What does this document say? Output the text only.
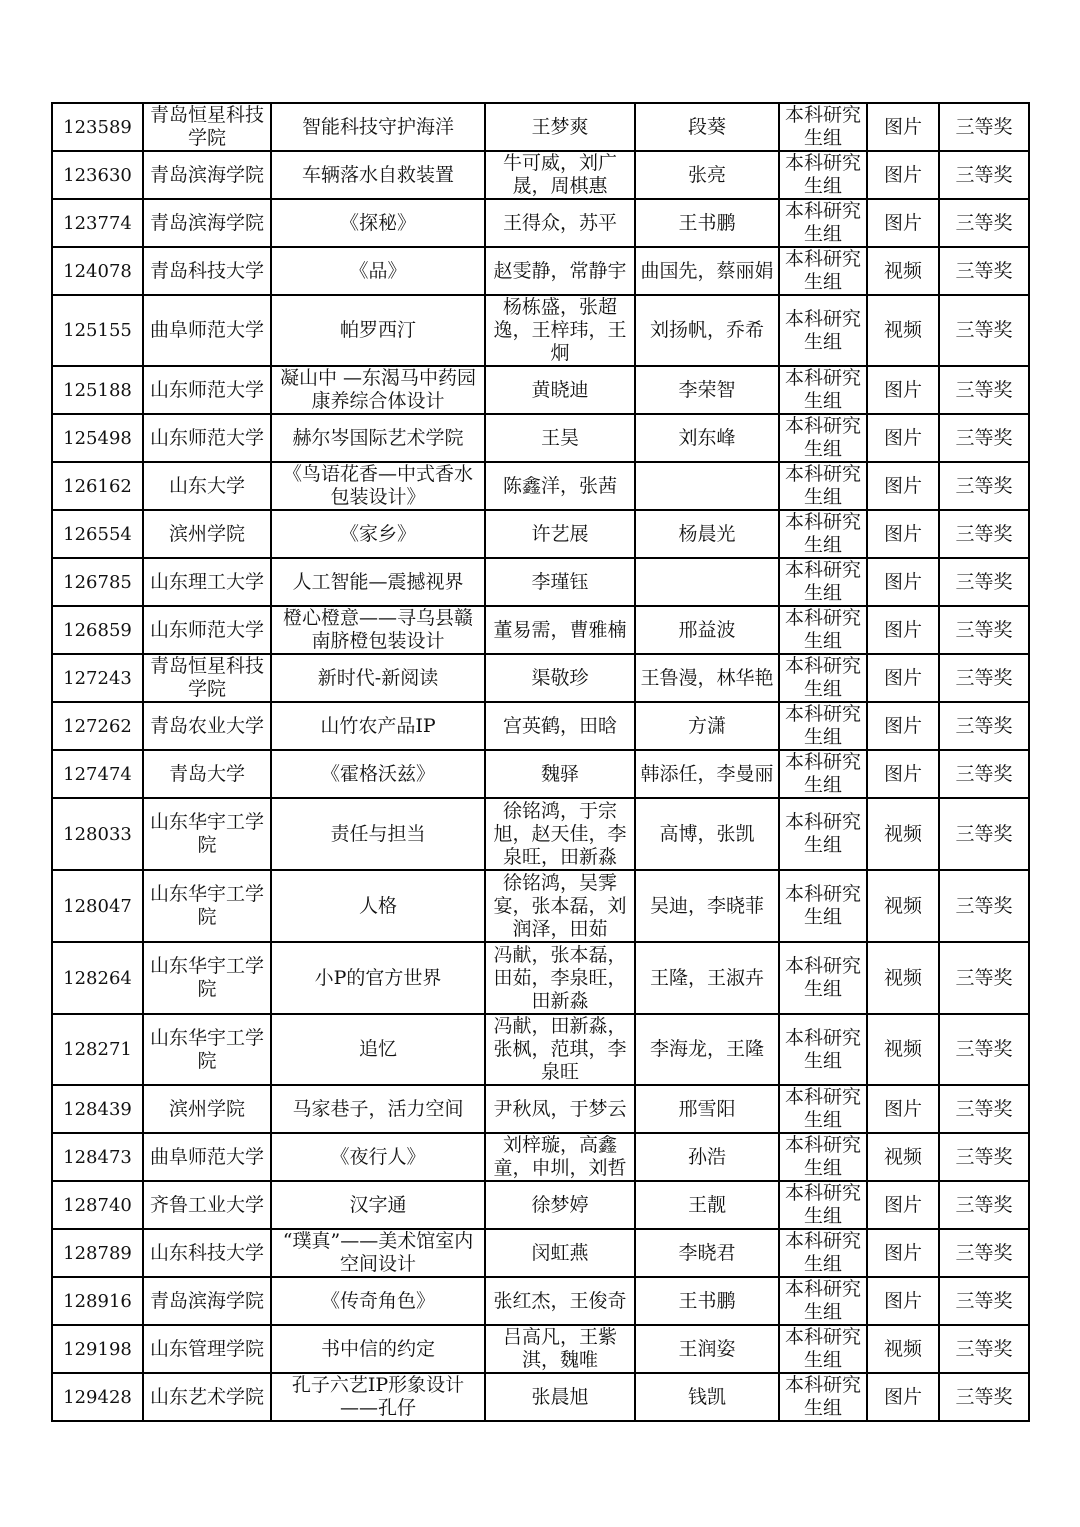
123589	青岛恒星科技学院	智能科技守护海洋	王梦爽	段葵	本科研究生组	图片	三等奖
123630	青岛滨海学院	车辆落水自救装置	牛可威，刘广晟，周棋惠	张亮	本科研究生组	图片	三等奖
123774	青岛滨海学院	《探秘》	王得众，苏平	王书鹏	本科研究生组	图片	三等奖
124078	青岛科技大学	《品》	赵雯静，常静宇	曲国先，蔡丽娟	本科研究生组	视频	三等奖
125155	曲阜师范大学	帕罗西汀	杨栋盛，张超逸，王梓玮，王炯	刘扬帆，乔希	本科研究生组	视频	三等奖
125188	山东师范大学	凝山中 —东渴马中药园康养综合体设计	黄晓迪	李荣智	本科研究生组	图片	三等奖
125498	山东师范大学	赫尔岑国际艺术学院	王昊	刘东峰	本科研究生组	图片	三等奖
126162	山东大学	《鸟语花香—中式香水包装设计》	陈鑫洋，张茜		本科研究生组	图片	三等奖
126554	滨州学院	《家乡》	许艺展	杨晨光	本科研究生组	图片	三等奖
126785	山东理工大学	人工智能—震撼视界	李瑾钰		本科研究生组	图片	三等奖
126859	山东师范大学	橙心橙意——寻乌县赣南脐橙包装设计	董易需，曹雅楠	邢益波	本科研究生组	图片	三等奖
127243	青岛恒星科技学院	新时代-新阅读	渠敬珍	王鲁漫，林华艳	本科研究生组	图片	三等奖
127262	青岛农业大学	山竹农产品IP	宫英鹤，田晗	方潇	本科研究生组	图片	三等奖
127474	青岛大学	《霍格沃兹》	魏驿	韩添任，李曼丽	本科研究生组	图片	三等奖
128033	山东华宇工学院	责任与担当	徐铭鸿，于宗旭，赵天佳，李泉旺，田新淼	高博，张凯	本科研究生组	视频	三等奖
128047	山东华宇工学院	人格	徐铭鸿，吴霁宴，张本磊，刘润泽，田茹	吴迪，李晓菲	本科研究生组	视频	三等奖
128264	山东华宇工学院	小P的官方世界	冯献，张本磊，田茹，李泉旺，田新淼	王隆，王淑卉	本科研究生组	视频	三等奖
128271	山东华宇工学院	追忆	冯献，田新淼，张枫，范琪，李泉旺	李海龙，王隆	本科研究生组	视频	三等奖
128439	滨州学院	马家巷子，活力空间	尹秋凤，于梦云	邢雪阳	本科研究生组	图片	三等奖
128473	曲阜师范大学	《夜行人》	刘梓璇，高鑫童，申圳，刘哲	孙浩	本科研究生组	视频	三等奖
128740	齐鲁工业大学	汉字通	徐梦婷	王靓	本科研究生组	图片	三等奖
128789	山东科技大学	“璞真”——美术馆室内空间设计	闵虹燕	李晓君	本科研究生组	图片	三等奖
128916	青岛滨海学院	《传奇角色》	张红杰，王俊奇	王书鹏	本科研究生组	图片	三等奖
129198	山东管理学院	书中信的约定	吕高凡，王紫淇，魏唯	王润姿	本科研究生组	视频	三等奖
129428	山东艺术学院	孔子六艺IP形象设计——孔仔	张晨旭	钱凯	本科研究生组	图片	三等奖
